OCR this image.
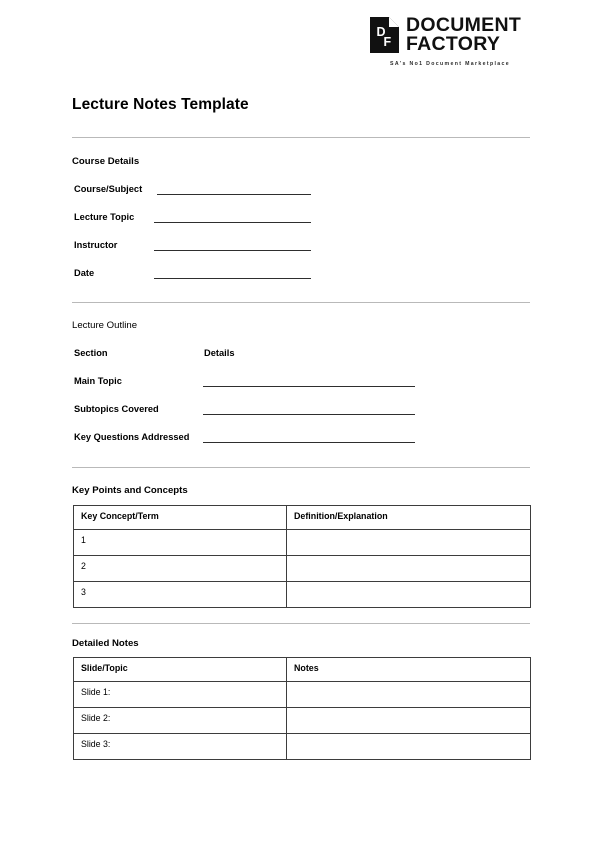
D
F
DOCUMENT
FACTORY
SA's No1 Document Marketplace
Lecture Notes Template
Course Details
Course/Subject
Lecture Topic
Instructor
Date
Lecture Outline
Section	Details
Main Topic
Subtopics Covered
Key Questions Addressed
Key Points and Concepts
Key Concept/Term	Definition/Explanation
1	
2	
3	
Detailed Notes
Slide/Topic	Notes
Slide 1:	
Slide 2:	
Slide 3:	
